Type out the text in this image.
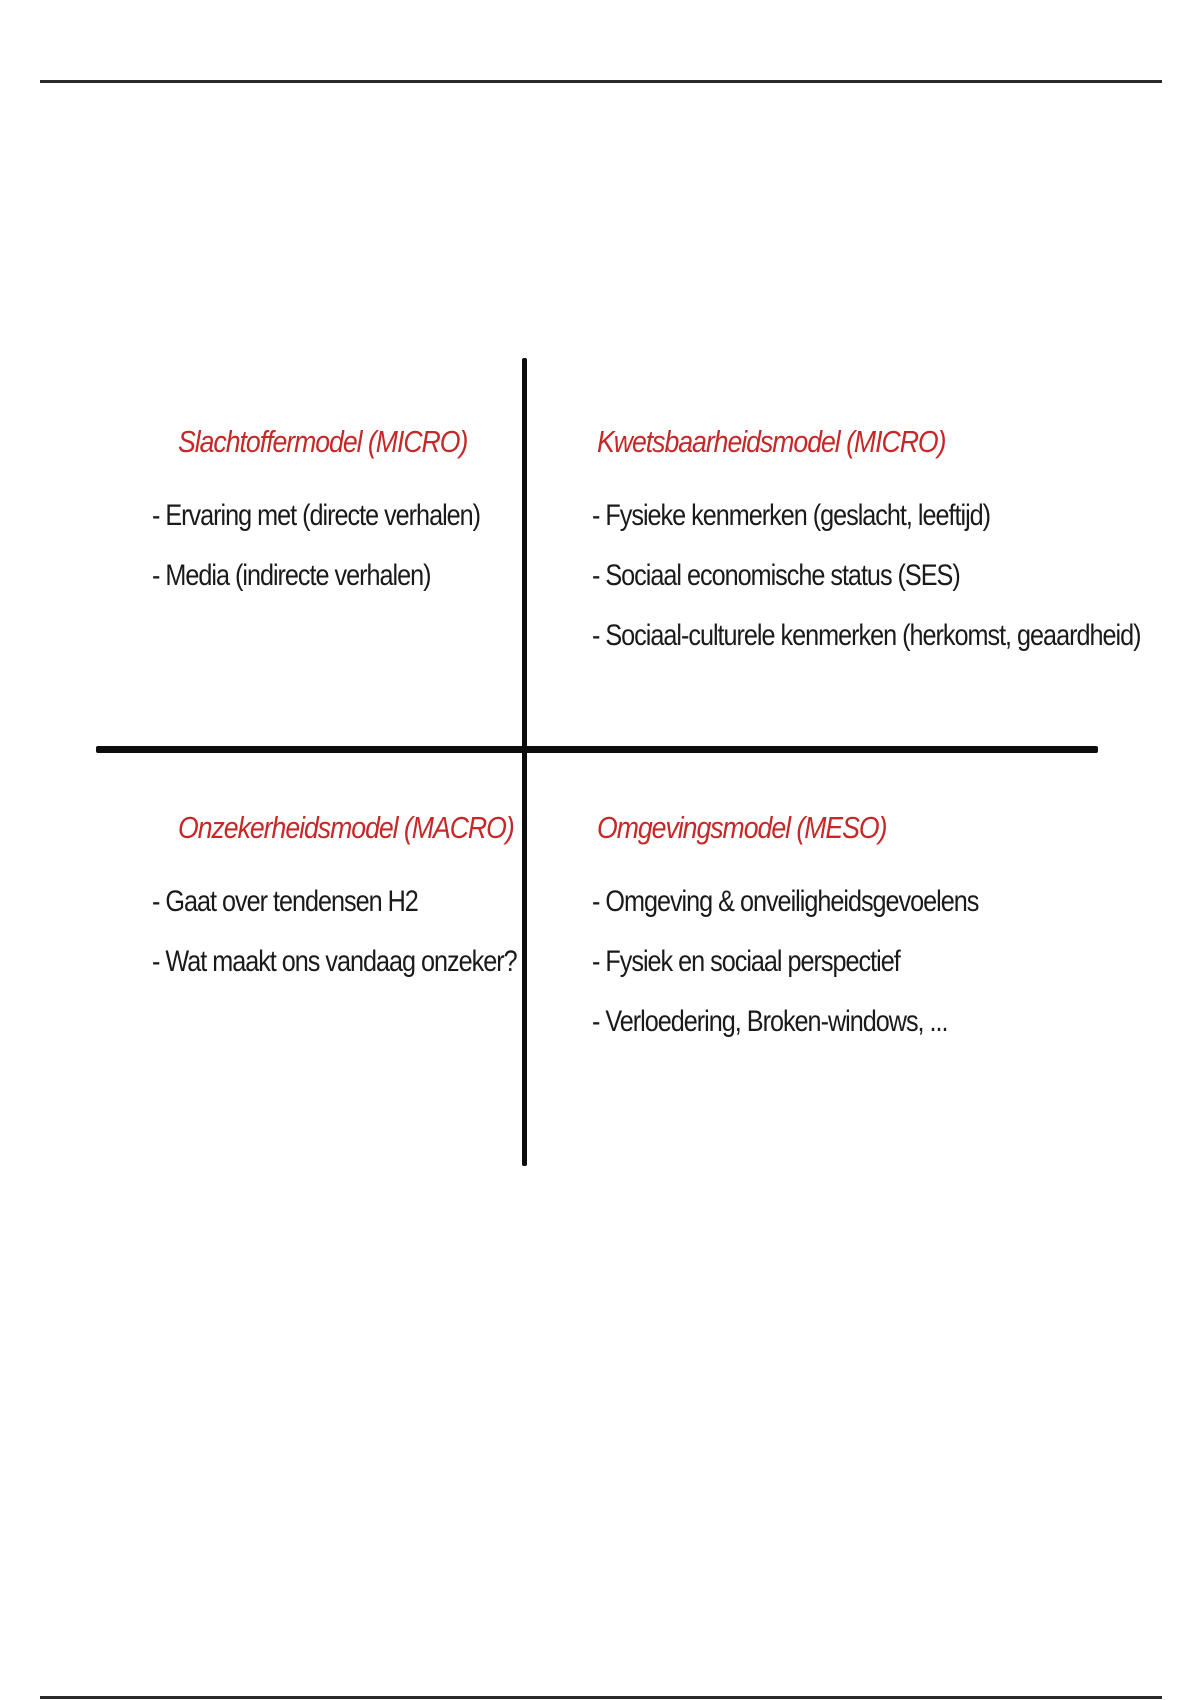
Slachtoffermodel (MICRO)
- Ervaring met (directe verhalen)
- Media (indirecte verhalen)
Kwetsbaarheidsmodel (MICRO)
- Fysieke kenmerken (geslacht, leeftijd)
- Sociaal economische status (SES)
- Sociaal-culturele kenmerken (herkomst, geaardheid)
Onzekerheidsmodel (MACRO)
- Gaat over tendensen H2
- Wat maakt ons vandaag onzeker?
Omgevingsmodel (MESO)
- Omgeving & onveiligheidsgevoelens
- Fysiek en sociaal perspectief
- Verloedering, Broken-windows, ...
